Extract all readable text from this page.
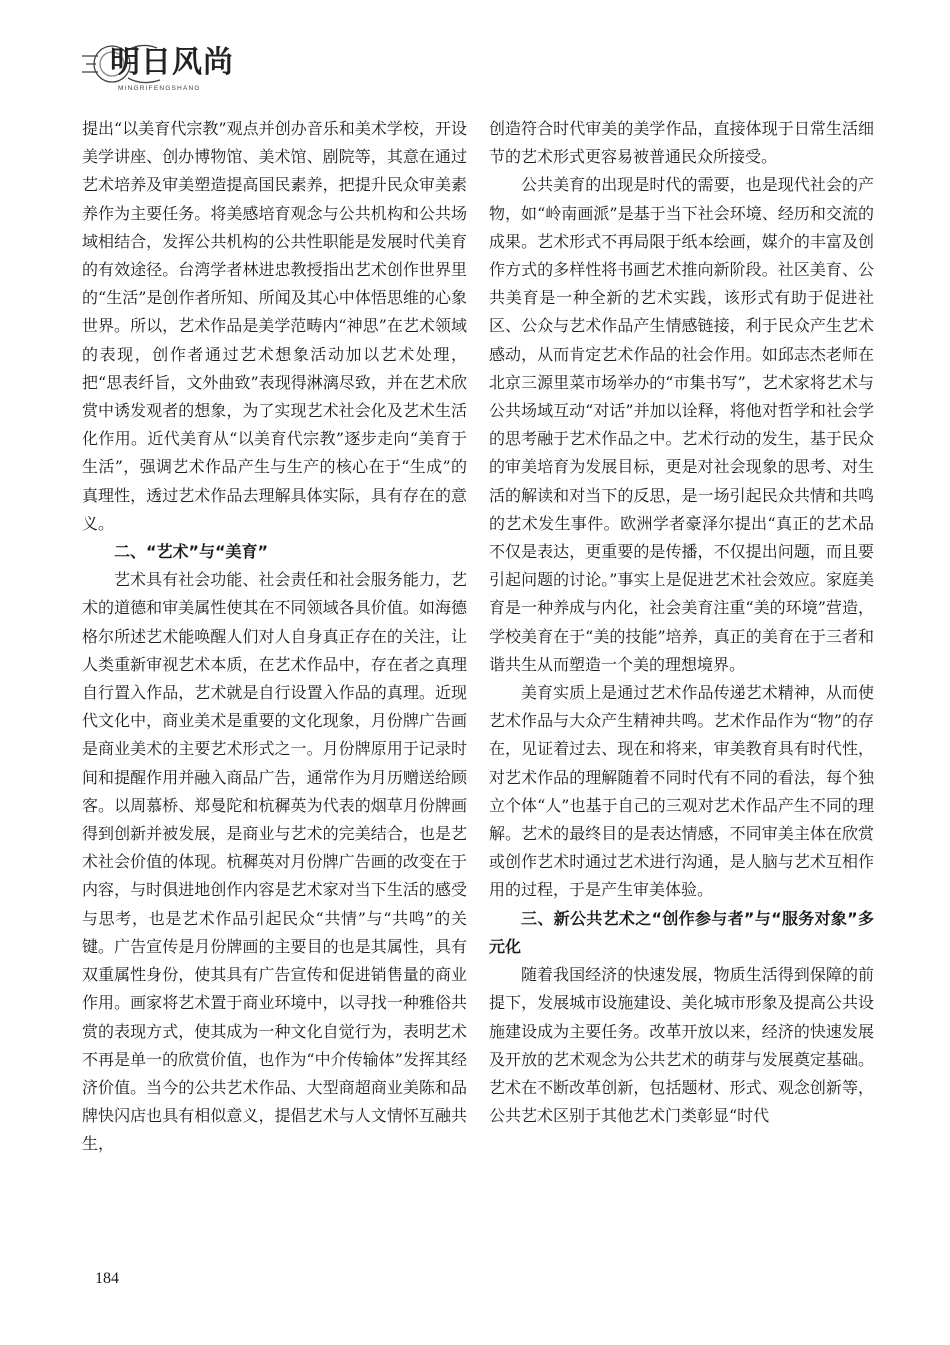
明日风尚
MINGRIFENGSHANG

提出“以美育代宗教”观点并创办音乐和美术学校，开设美学讲座、创办博物馆、美术馆、剧院等，其意在通过艺术培养及审美塑造提高国民素养，把提升民众审美素养作为主要任务。将美感培育观念与公共机构和公共场域相结合，发挥公共机构的公共性职能是发展时代美育的有效途径。台湾学者林进忠教授指出艺术创作世界里的“生活”是创作者所知、所闻及其心中体悟思维的心象世界。所以，艺术作品是美学范畴内“神思”在艺术领域的表现，创作者通过艺术想象活动加以艺术处理，把“思表纤旨，文外曲致”表现得淋漓尽致，并在艺术欣赏中诱发观者的想象，为了实现艺术社会化及艺术生活化作用。近代美育从“以美育代宗教”逐步走向“美育于生活”，强调艺术作品产生与生产的核心在于“生成”的真理性，透过艺术作品去理解具体实际，具有存在的意义。

二、“艺术”与“美育”

艺术具有社会功能、社会责任和社会服务能力，艺术的道德和审美属性使其在不同领域各具价值。如海德格尔所述艺术能唤醒人们对人自身真正存在的关注，让人类重新审视艺术本质，在艺术作品中，存在者之真理自行置入作品，艺术就是自行设置入作品的真理。近现代文化中，商业美术是重要的文化现象，月份牌广告画是商业美术的主要艺术形式之一。月份牌原用于记录时间和提醒作用并融入商品广告，通常作为月历赠送给顾客。以周慕桥、郑曼陀和杭穉英为代表的烟草月份牌画得到创新并被发展，是商业与艺术的完美结合，也是艺术社会价值的体现。杭穉英对月份牌广告画的改变在于内容，与时俱进地创作内容是艺术家对当下生活的感受与思考，也是艺术作品引起民众“共情”与“共鸣”的关键。广告宣传是月份牌画的主要目的也是其属性，具有双重属性身份，使其具有广告宣传和促进销售量的商业作用。画家将艺术置于商业环境中，以寻找一种雅俗共赏的表现方式，使其成为一种文化自觉行为，表明艺术不再是单一的欣赏价值，也作为“中介传输体”发挥其经济价值。当今的公共艺术作品、大型商超商业美陈和品牌快闪店也具有相似意义，提倡艺术与人文情怀互融共生，

创造符合时代审美的美学作品，直接体现于日常生活细节的艺术形式更容易被普通民众所接受。

公共美育的出现是时代的需要，也是现代社会的产物，如“岭南画派”是基于当下社会环境、经历和交流的成果。艺术形式不再局限于纸本绘画，媒介的丰富及创作方式的多样性将书画艺术推向新阶段。社区美育、公共美育是一种全新的艺术实践，该形式有助于促进社区、公众与艺术作品产生情感链接，利于民众产生艺术感动，从而肯定艺术作品的社会作用。如邱志杰老师在北京三源里菜市场举办的“市集书写”，艺术家将艺术与公共场域互动“对话”并加以诠释，将他对哲学和社会学的思考融于艺术作品之中。艺术行动的发生，基于民众的审美培育为发展目标，更是对社会现象的思考、对生活的解读和对当下的反思，是一场引起民众共情和共鸣的艺术发生事件。欧洲学者豪泽尔提出“真正的艺术品不仅是表达，更重要的是传播，不仅提出问题，而且要引起问题的讨论。”事实上是促进艺术社会效应。家庭美育是一种养成与内化，社会美育注重“美的环境”营造，学校美育在于“美的技能”培养，真正的美育在于三者和谐共生从而塑造一个美的理想境界。

美育实质上是通过艺术作品传递艺术精神，从而使艺术作品与大众产生精神共鸣。艺术作品作为“物”的存在，见证着过去、现在和将来，审美教育具有时代性，对艺术作品的理解随着不同时代有不同的看法，每个独立个体“人”也基于自己的三观对艺术作品产生不同的理解。艺术的最终目的是表达情感，不同审美主体在欣赏或创作艺术时通过艺术进行沟通，是人脑与艺术互相作用的过程，于是产生审美体验。

三、新公共艺术之“创作参与者”与“服务对象”多元化

随着我国经济的快速发展，物质生活得到保障的前提下，发展城市设施建设、美化城市形象及提高公共设施建设成为主要任务。改革开放以来，经济的快速发展及开放的艺术观念为公共艺术的萌芽与发展奠定基础。艺术在不断改革创新，包括题材、形式、观念创新等，公共艺术区别于其他艺术门类彰显“时代

184
